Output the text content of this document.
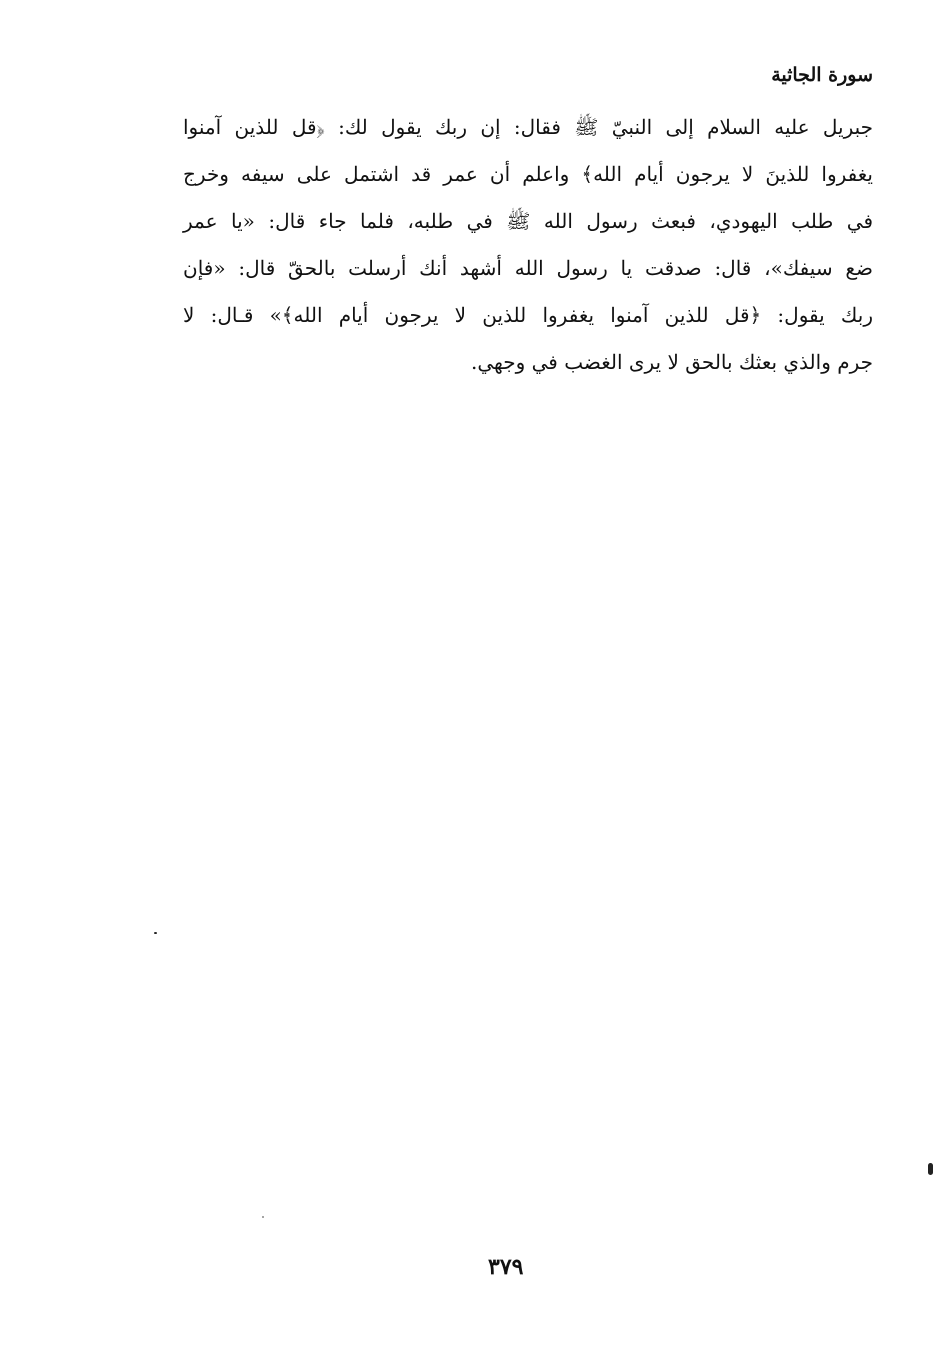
سورة الجاثية
جبريل عليه السلام إلى النبيّ ﷺ فقال: إن ربك يقول لك: ﴿قل للذين آمنوا
يغفروا للذينَ لا يرجون أيام الله﴾ واعلم أن عمر قد اشتمل على سيفه وخرج
في طلب اليهودي، فبعث رسول الله ﷺ في طلبه، فلما جاء قال: «يا عمر
ضع سيفك»، قال: صدقت يا رسول الله أشهد أنك أرسلت بالحقّ قال: «فإن
ربك يقول: ﴿قل للذين آمنوا يغفروا للذين لا يرجون أيام الله﴾» قـال: لا
جرم والذي بعثك بالحق لا يرى الغضب في وجهي.
٣٧٩
